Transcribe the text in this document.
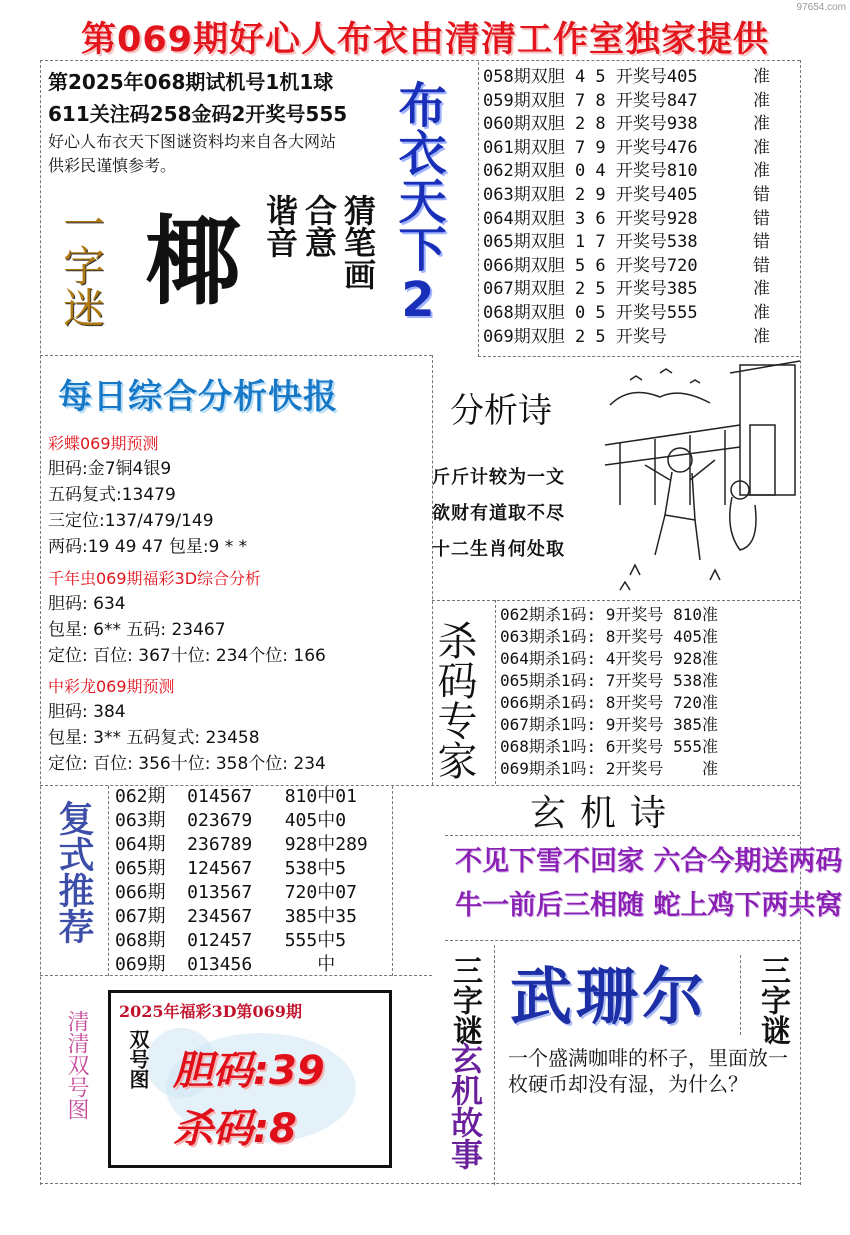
97654.com
第069期好心人布衣由清清工作室独家提供
第2025年068期试机号1机1球
611关注码258金码2开奖号555
好心人布衣天下图谜资料均来自各大网站
供彩民谨慎参考。
一字迷 椰	猜笔画
合意
谐音 布衣天下2
058期双胆 4 5 开奖号405	准
059期双胆 7 8 开奖号847	准
060期双胆 2 8 开奖号938	准
061期双胆 7 9 开奖号476	准
062期双胆 0 4 开奖号810	准
063期双胆 2 9 开奖号405	错
064期双胆 3 6 开奖号928	错
065期双胆 1 7 开奖号538	错
066期双胆 5 6 开奖号720	错
067期双胆 2 5 开奖号385	准
068期双胆 0 5 开奖号555	准
069期双胆 2 5 开奖号	准
每日综合分析快报
彩蝶069期预测
胆码:金7铜4银9
五码复式:13479
三定位:137/479/149
两码:19 49 47 包星:9 * *
千年虫069期福彩3D综合分析
胆码: 634
包星: 6** 五码: 23467
定位: 百位: 367十位: 234个位: 166
中彩龙069期预测
胆码: 384
包星: 3** 五码复式: 23458
定位: 百位: 356十位: 358个位: 234
分析诗
斤斤计较为一文
欲财有道取不尽
十二生肖何处取
杀码专家
062期杀1码: 9开奖号 810准
063期杀1码: 8开奖号 405准
064期杀1码: 4开奖号 928准
065期杀1码: 7开奖号 538准
066期杀1码: 8开奖号 720准
067期杀1吗: 9开奖号 385准
068期杀1吗: 6开奖号 555准
069期杀1吗: 2开奖号    准
玄机诗
不见下雪不回家 六合今期送两码
牛一前后三相随 蛇上鸡下两共窝
复式推荐
062期  014567   810中01
063期  023679   405中0
064期  236789   928中289
065期  124567   538中5
066期  013567   720中07
067期  234567   385中35
068期  012457   555中5
069期  013456      中
清清双号图 2025年福彩3D第069期
双号图 胆码:39
杀码:8
三字谜 武珊尔 三字谜
玄机故事 一个盛满咖啡的杯子，里面放一枚硬币却没有湿，为什么？
